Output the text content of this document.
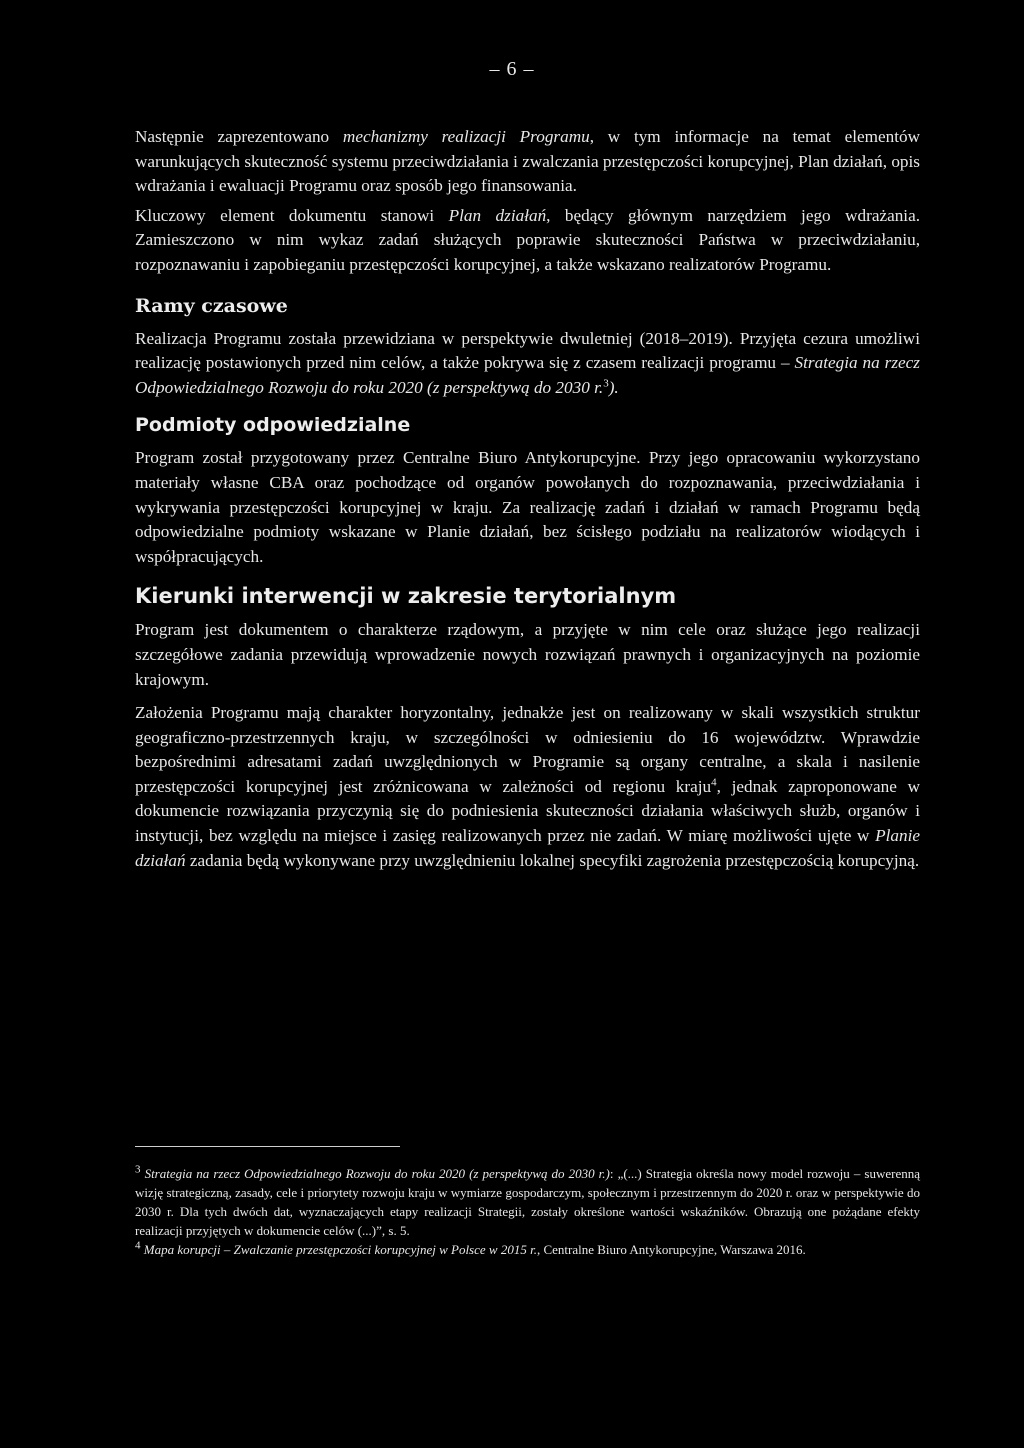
– 6 –

Następnie zaprezentowano mechanizmy realizacji Programu, w tym informacje na temat elementów warunkujących skuteczność systemu przeciwdziałania i zwalczania przestępczości korupcyjnej, Plan działań, opis wdrażania i ewaluacji Programu oraz sposób jego finansowania.

Kluczowy element dokumentu stanowi Plan działań, będący głównym narzędziem jego wdrażania. Zamieszczono w nim wykaz zadań służących poprawie skuteczności Państwa w przeciwdziałaniu, rozpoznawaniu i zapobieganiu przestępczości korupcyjnej, a także wskazano realizatorów Programu.

Ramy czasowe

Realizacja Programu została przewidziana w perspektywie dwuletniej (2018–2019). Przyjęta cezura umożliwi realizację postawionych przed nim celów, a także pokrywa się z czasem realizacji programu – Strategia na rzecz Odpowiedzialnego Rozwoju do roku 2020 (z perspektywą do 2030 r.$^3$).

Podmioty odpowiedzialne

Program został przygotowany przez Centralne Biuro Antykorupcyjne. Przy jego opracowaniu wykorzystano materiały własne CBA oraz pochodzące od organów powołanych do rozpoznawania, przeciwdziałania i wykrywania przestępczości korupcyjnej w kraju. Za realizację zadań i działań w ramach Programu będą odpowiedzialne podmioty wskazane w Planie działań, bez ścisłego podziału na realizatorów wiodących i współpracujących.

Kierunki interwencji w zakresie terytorialnym

Program jest dokumentem o charakterze rządowym, a przyjęte w nim cele oraz służące jego realizacji szczegółowe zadania przewidują wprowadzenie nowych rozwiązań prawnych i organizacyjnych na poziomie krajowym.

Założenia Programu mają charakter horyzontalny, jednakże jest on realizowany w skali wszystkich struktur geograficzno-przestrzennych kraju, w szczególności w odniesieniu do 16 województw. Wprawdzie bezpośrednimi adresatami zadań uwzględnionych w Programie są organy centralne, a skala i nasilenie przestępczości korupcyjnej jest zróżnicowana w zależności od regionu kraju$^4$, jednak zaproponowane w dokumencie rozwiązania przyczynią się do podniesienia skuteczności działania właściwych służb, organów i instytucji, bez względu na miejsce i zasięg realizowanych przez nie zadań. W miarę możliwości ujęte w Planie działań zadania będą wykonywane przy uwzględnieniu lokalnej specyfiki zagrożenia przestępczością korupcyjną.

$^3$ Strategia na rzecz Odpowiedzialnego Rozwoju do roku 2020 (z perspektywą do 2030 r.): „(...) Strategia określa nowy model rozwoju – suwerenną wizję strategiczną, zasady, cele i priorytety rozwoju kraju w wymiarze gospodarczym, społecznym i przestrzennym do 2020 r. oraz w perspektywie do 2030 r. Dla tych dwóch dat, wyznaczających etapy realizacji Strategii, zostały określone wartości wskaźników. Obrazują one pożądane efekty realizacji przyjętych w dokumencie celów (...)”, s. 5.

$^4$ Mapa korupcji – Zwalczanie przestępczości korupcyjnej w Polsce w 2015 r., Centralne Biuro Antykorupcyjne, Warszawa 2016.
